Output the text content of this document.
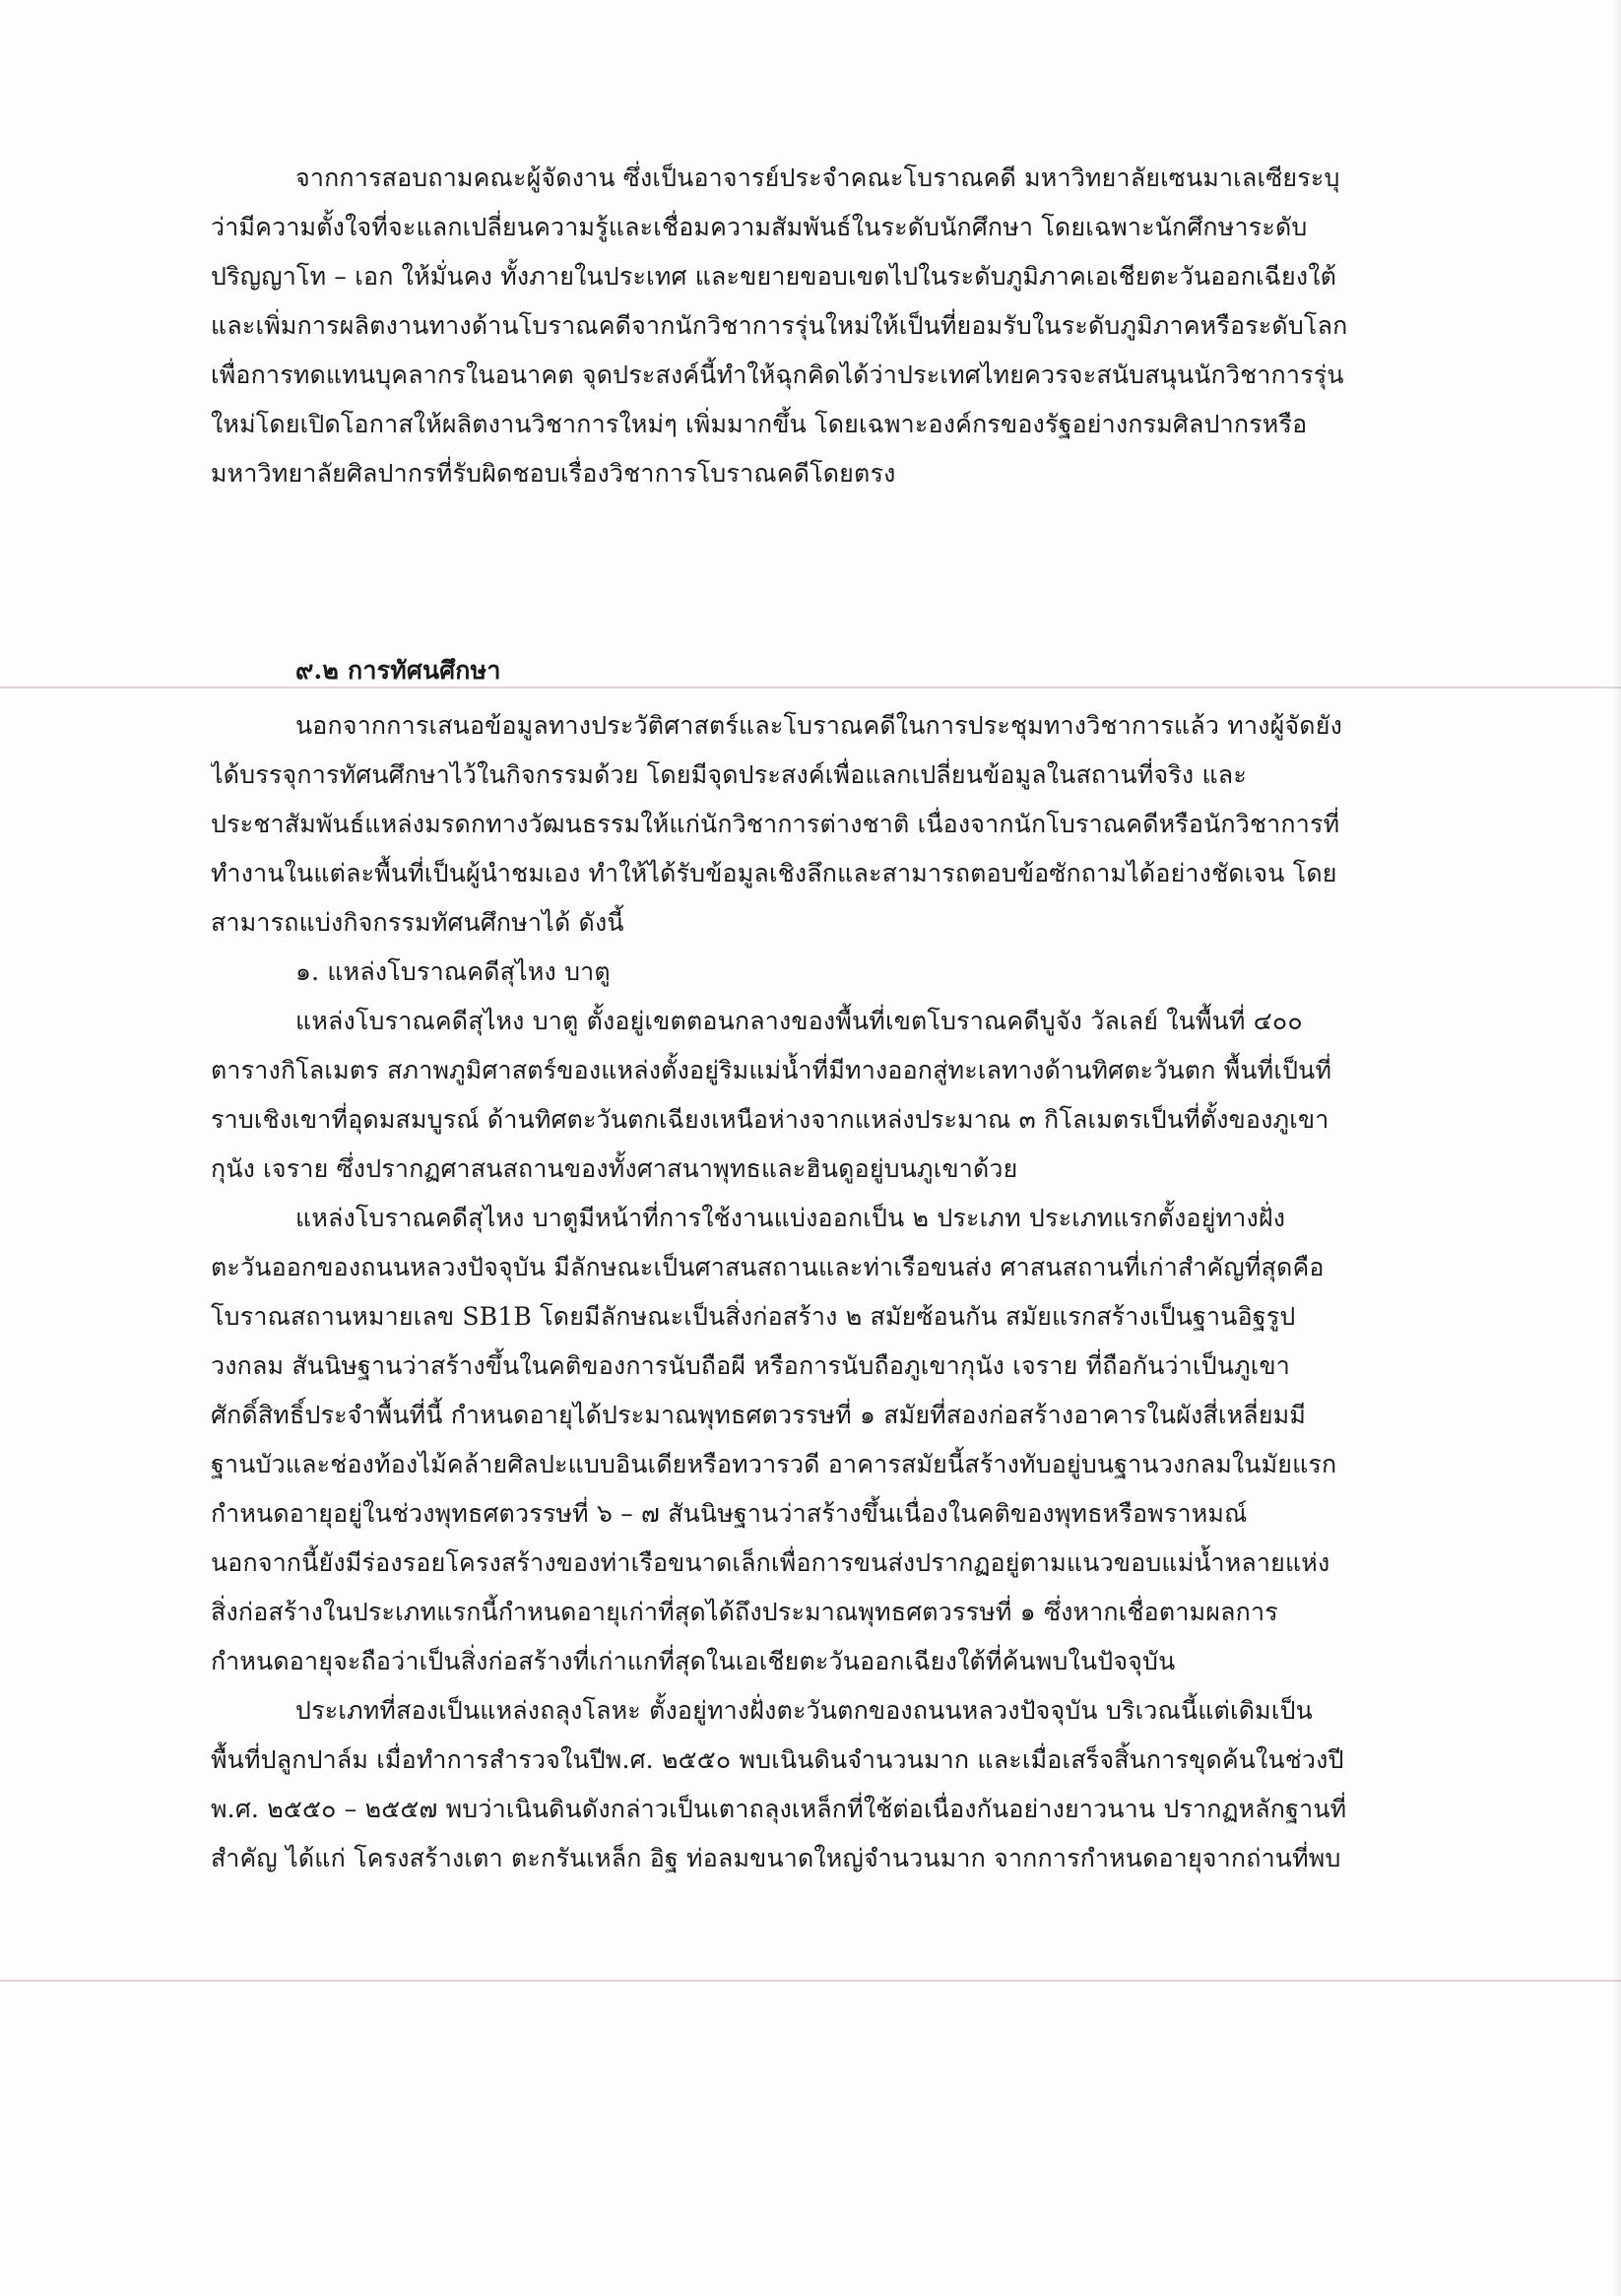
จากการสอบถามคณะผู้จัดงาน ซึ่งเป็นอาจารย์ประจำคณะโบราณคดี มหาวิทยาลัยเซนมาเลเซียระบุ
ว่ามีความตั้งใจที่จะแลกเปลี่ยนความรู้และเชื่อมความสัมพันธ์ในระดับนักศึกษา โดยเฉพาะนักศึกษาระดับ
ปริญญาโท – เอก ให้มั่นคง ทั้งภายในประเทศ และขยายขอบเขตไปในระดับภูมิภาคเอเชียตะวันออกเฉียงใต้
และเพิ่มการผลิตงานทางด้านโบราณคดีจากนักวิชาการรุ่นใหม่ให้เป็นที่ยอมรับในระดับภูมิภาคหรือระดับโลก
เพื่อการทดแทนบุคลากรในอนาคต จุดประสงค์นี้ทำให้ฉุกคิดได้ว่าประเทศไทยควรจะสนับสนุนนักวิชาการรุ่น
ใหม่โดยเปิดโอกาสให้ผลิตงานวิชาการใหม่ๆ เพิ่มมากขึ้น โดยเฉพาะองค์กรของรัฐอย่างกรมศิลปากรหรือ
มหาวิทยาลัยศิลปากรที่รับผิดชอบเรื่องวิชาการโบราณคดีโดยตรง
๙.๒ การทัศนศึกษา
นอกจากการเสนอข้อมูลทางประวัติศาสตร์และโบราณคดีในการประชุมทางวิชาการแล้ว ทางผู้จัดยัง
ได้บรรจุการทัศนศึกษาไว้ในกิจกรรมด้วย โดยมีจุดประสงค์เพื่อแลกเปลี่ยนข้อมูลในสถานที่จริง และ
ประชาสัมพันธ์แหล่งมรดกทางวัฒนธรรมให้แก่นักวิชาการต่างชาติ เนื่องจากนักโบราณคดีหรือนักวิชาการที่
ทำงานในแต่ละพื้นที่เป็นผู้นำชมเอง ทำให้ได้รับข้อมูลเชิงลึกและสามารถตอบข้อซักถามได้อย่างชัดเจน โดย
สามารถแบ่งกิจกรรมทัศนศึกษาได้ ดังนี้
๑. แหล่งโบราณคดีสุไหง บาตู
แหล่งโบราณคดีสุไหง บาตู ตั้งอยู่เขตตอนกลางของพื้นที่เขตโบราณคดีบูจัง วัลเลย์ ในพื้นที่ ๔๐๐
ตารางกิโลเมตร สภาพภูมิศาสตร์ของแหล่งตั้งอยู่ริมแม่น้ำที่มีทางออกสู่ทะเลทางด้านทิศตะวันตก พื้นที่เป็นที่
ราบเชิงเขาที่อุดมสมบูรณ์ ด้านทิศตะวันตกเฉียงเหนือห่างจากแหล่งประมาณ ๓ กิโลเมตรเป็นที่ตั้งของภูเขา
กุนัง เจราย ซึ่งปรากฏศาสนสถานของทั้งศาสนาพุทธและฮินดูอยู่บนภูเขาด้วย
แหล่งโบราณคดีสุไหง บาตูมีหน้าที่การใช้งานแบ่งออกเป็น ๒ ประเภท ประเภทแรกตั้งอยู่ทางฝั่ง
ตะวันออกของถนนหลวงปัจจุบัน มีลักษณะเป็นศาสนสถานและท่าเรือขนส่ง ศาสนสถานที่เก่าสำคัญที่สุดคือ
โบราณสถานหมายเลข SB1B โดยมีลักษณะเป็นสิ่งก่อสร้าง ๒ สมัยซ้อนกัน สมัยแรกสร้างเป็นฐานอิฐรูป
วงกลม สันนิษฐานว่าสร้างขึ้นในคติของการนับถือผี หรือการนับถือภูเขากุนัง เจราย ที่ถือกันว่าเป็นภูเขา
ศักดิ์สิทธิ์ประจำพื้นที่นี้ กำหนดอายุได้ประมาณพุทธศตวรรษที่ ๑ สมัยที่สองก่อสร้างอาคารในผังสี่เหลี่ยมมี
ฐานบัวและช่องท้องไม้คล้ายศิลปะแบบอินเดียหรือทวารวดี อาคารสมัยนี้สร้างทับอยู่บนฐานวงกลมในมัยแรก
กำหนดอายุอยู่ในช่วงพุทธศตวรรษที่ ๖ – ๗ สันนิษฐานว่าสร้างขึ้นเนื่องในคติของพุทธหรือพราหมณ์
นอกจากนี้ยังมีร่องรอยโครงสร้างของท่าเรือขนาดเล็กเพื่อการขนส่งปรากฏอยู่ตามแนวขอบแม่น้ำหลายแห่ง
สิ่งก่อสร้างในประเภทแรกนี้กำหนดอายุเก่าที่สุดได้ถึงประมาณพุทธศตวรรษที่ ๑ ซึ่งหากเชื่อตามผลการ
กำหนดอายุจะถือว่าเป็นสิ่งก่อสร้างที่เก่าแกที่สุดในเอเชียตะวันออกเฉียงใต้ที่ค้นพบในปัจจุบัน
ประเภทที่สองเป็นแหล่งถลุงโลหะ ตั้งอยู่ทางฝั่งตะวันตกของถนนหลวงปัจจุบัน บริเวณนี้แต่เดิมเป็น
พื้นที่ปลูกปาล์ม เมื่อทำการสำรวจในปีพ.ศ. ๒๕๕๐ พบเนินดินจำนวนมาก และเมื่อเสร็จสิ้นการขุดค้นในช่วงปี
พ.ศ. ๒๕๕๐ – ๒๕๕๗ พบว่าเนินดินดังกล่าวเป็นเตาถลุงเหล็กที่ใช้ต่อเนื่องกันอย่างยาวนาน ปรากฏหลักฐานที่
สำคัญ ได้แก่ โครงสร้างเตา ตะกรันเหล็ก อิฐ ท่อลมขนาดใหญ่จำนวนมาก จากการกำหนดอายุจากถ่านที่พบ
